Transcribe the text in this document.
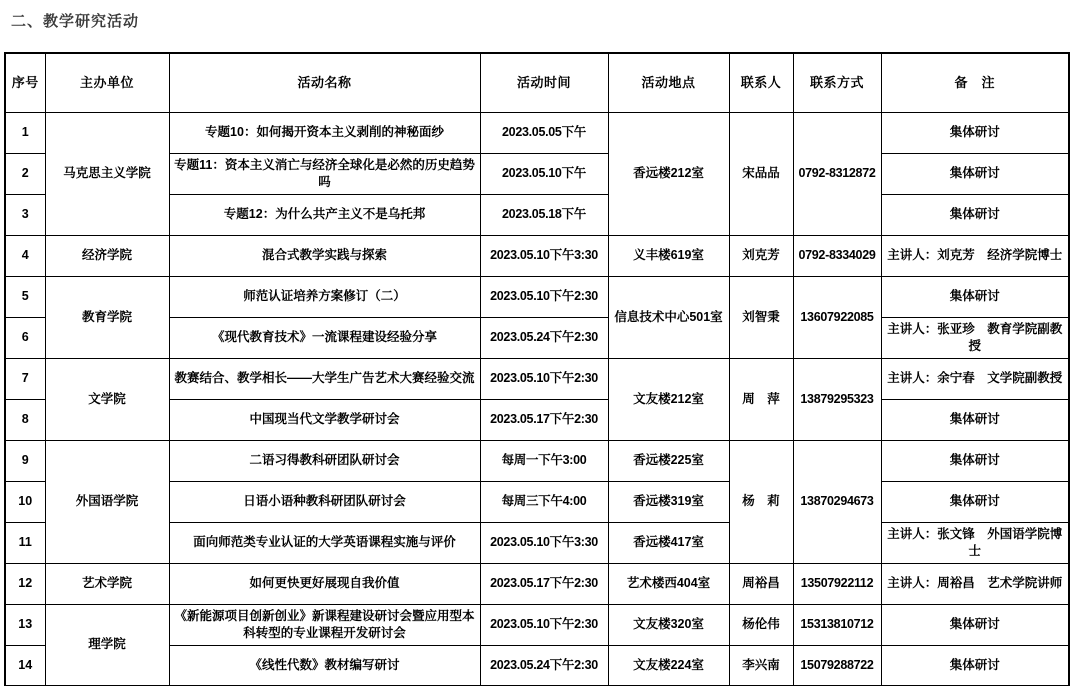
二、教学研究活动
序号	主办单位	活动名称	活动时间	活动地点	联系人	联系方式	备　注
1	马克思主义学院	专题10：如何揭开资本主义剥削的神秘面纱	2023.05.05下午	香远楼212室	宋品品	0792-8312872	集体研讨
2		专题11：资本主义消亡与经济全球化是必然的历史趋势吗	2023.05.10下午				集体研讨
3		专题12：为什么共产主义不是乌托邦	2023.05.18下午				集体研讨
4	经济学院	混合式教学实践与探索	2023.05.10下午3:30	义丰楼619室	刘克芳	0792-8334029	主讲人：刘克芳　经济学院博士
5	教育学院	师范认证培养方案修订（二）	2023.05.10下午2:30	信息技术中心501室	刘智秉	13607922085	集体研讨
6		《现代教育技术》一流课程建设经验分享	2023.05.24下午2:30				主讲人：张亚珍　教育学院副教授
7	文学院	教赛结合、教学相长——大学生广告艺术大赛经验交流	2023.05.10下午2:30	文友楼212室	周　萍	13879295323	主讲人：余宁春　文学院副教授
8		中国现当代文学教学研讨会	2023.05.17下午2:30				集体研讨
9	外国语学院	二语习得教科研团队研讨会	每周一下午3:00	香远楼225室	杨　莉	13870294673	集体研讨
10		日语小语种教科研团队研讨会	每周三下午4:00	香远楼319室			集体研讨
11		面向师范类专业认证的大学英语课程实施与评价	2023.05.10下午3:30	香远楼417室			主讲人：张文锋　外国语学院博士
12	艺术学院	如何更快更好展现自我价值	2023.05.17下午2:30	艺术楼西404室	周裕昌	13507922112	主讲人：周裕昌　艺术学院讲师
13	理学院	《新能源项目创新创业》新课程建设研讨会暨应用型本科转型的专业课程开发研讨会	2023.05.10下午2:30	文友楼320室	杨伦伟	15313810712	集体研讨
14		《线性代数》教材编写研讨	2023.05.24下午2:30	文友楼224室	李兴南	15079288722	集体研讨
